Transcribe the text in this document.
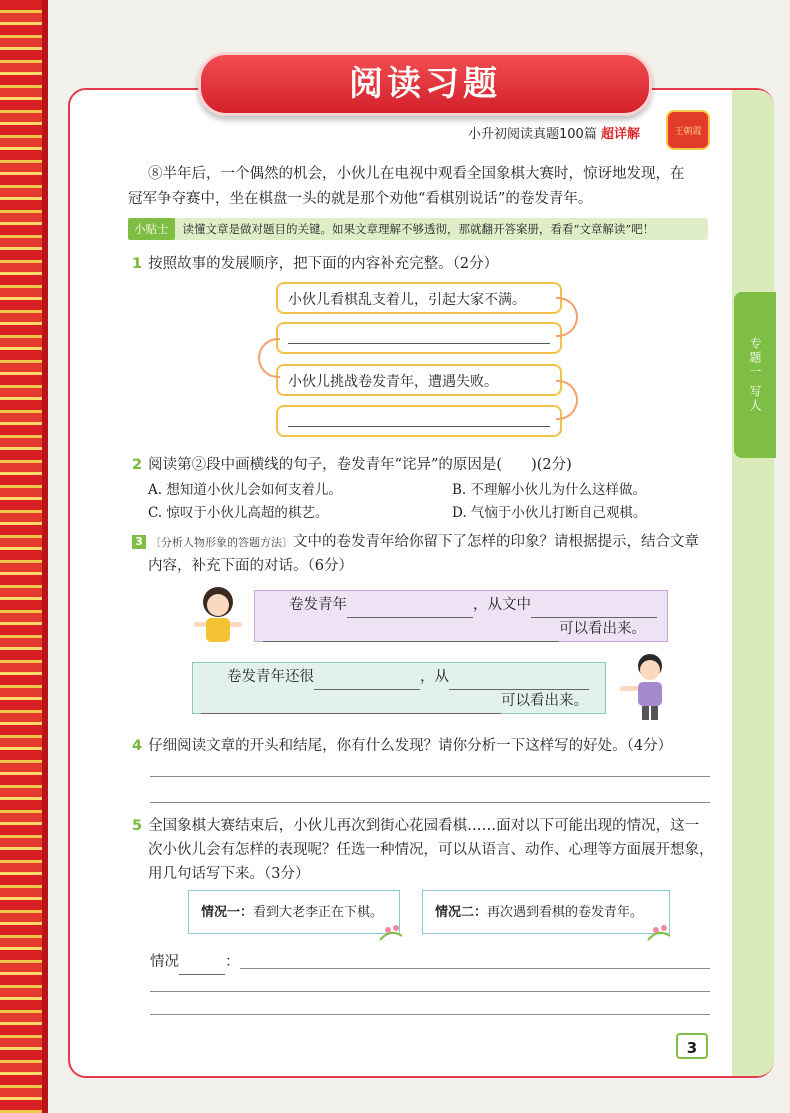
专题一 写人
阅读习题
小升初阅读真题100篇 超详解	王朝霞
⑧半年后，一个偶然的机会，小伙儿在电视中观看全国象棋大赛时，惊讶地发现，在
冠军争夺赛中，坐在棋盘一头的就是那个劝他“看棋别说话”的卷发青年。
小贴士 读懂文章是做对题目的关键。如果文章理解不够透彻，那就翻开答案册，看看“文章解读”吧！
1 按照故事的发展顺序，把下面的内容补充完整。（2分）
小伙儿看棋乱支着儿，引起大家不满。
小伙儿挑战卷发青年，遭遇失败。
2 阅读第②段中画横线的句子，卷发青年“诧异”的原因是(　　)(2分)
A. 想知道小伙儿会如何支着儿。	B. 不理解小伙儿为什么这样做。
C. 惊叹于小伙儿高超的棋艺。	D. 气恼于小伙儿打断自己观棋。
3 〔分析人物形象的答题方法〕文中的卷发青年给你留下了怎样的印象？请根据提示，结合文章
内容，补充下面的对话。（6分）
卷发青年	，从文中
可以看出来。
卷发青年还很	，从
可以看出来。
4 仔细阅读文章的开头和结尾，你有什么发现？请你分析一下这样写的好处。（4分）
5 全国象棋大赛结束后，小伙儿再次到街心花园看棋……面对以下可能出现的情况，这一
次小伙儿会有怎样的表现呢？任选一种情况，可以从语言、动作、心理等方面展开想象，
用几句话写下来。（3分）
情况一：看到大老李正在下棋。	情况二：再次遇到看棋的卷发青年。
情况	：
3
